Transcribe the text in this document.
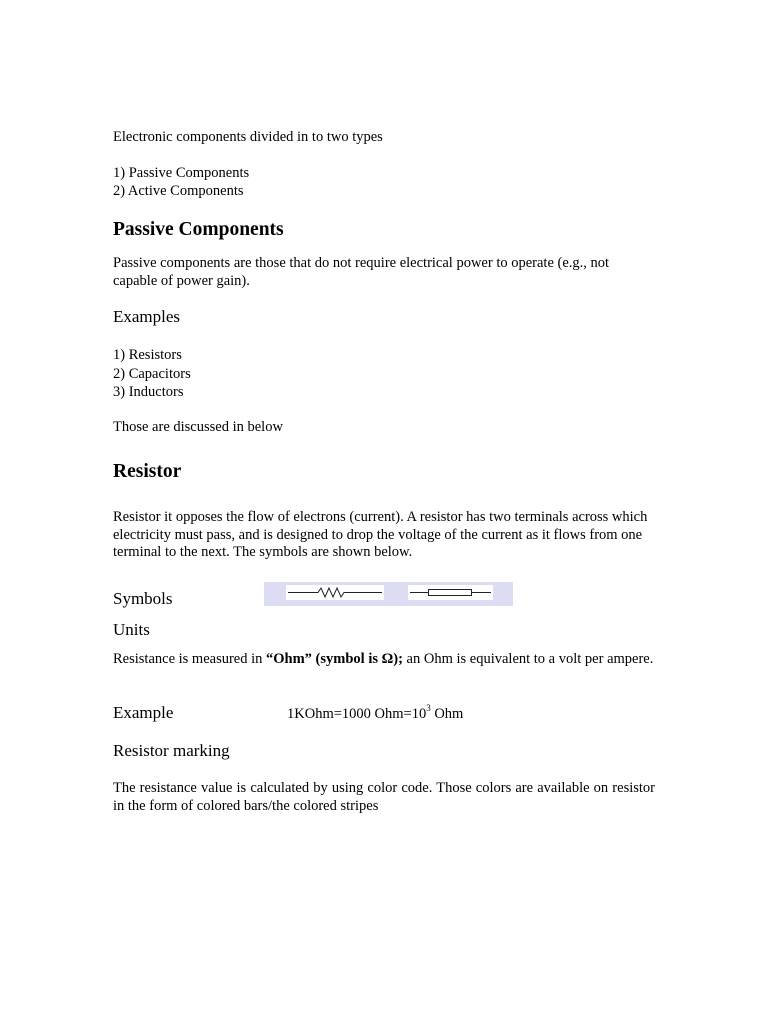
Electronic components divided in to two types
1) Passive Components
2) Active Components
Passive Components
Passive components are those that do not require electrical power to operate (e.g., not capable of power gain).
Examples
1) Resistors
2) Capacitors
3) Inductors
Those are discussed in below
Resistor
Resistor it opposes the flow of electrons (current). A resistor has two terminals across which electricity must pass, and is designed to drop the voltage of the current as it flows from one terminal to the next. The symbols are shown below.
Symbols
Units
Resistance is measured in “Ohm” (symbol is Ω); an Ohm is equivalent to a volt per ampere.
Example	1KOhm=1000 $Ohm=10^3$ Ohm
Resistor marking
The resistance value is calculated by using color code. Those colors are available on resistor in the form of colored bars/the colored stripes
